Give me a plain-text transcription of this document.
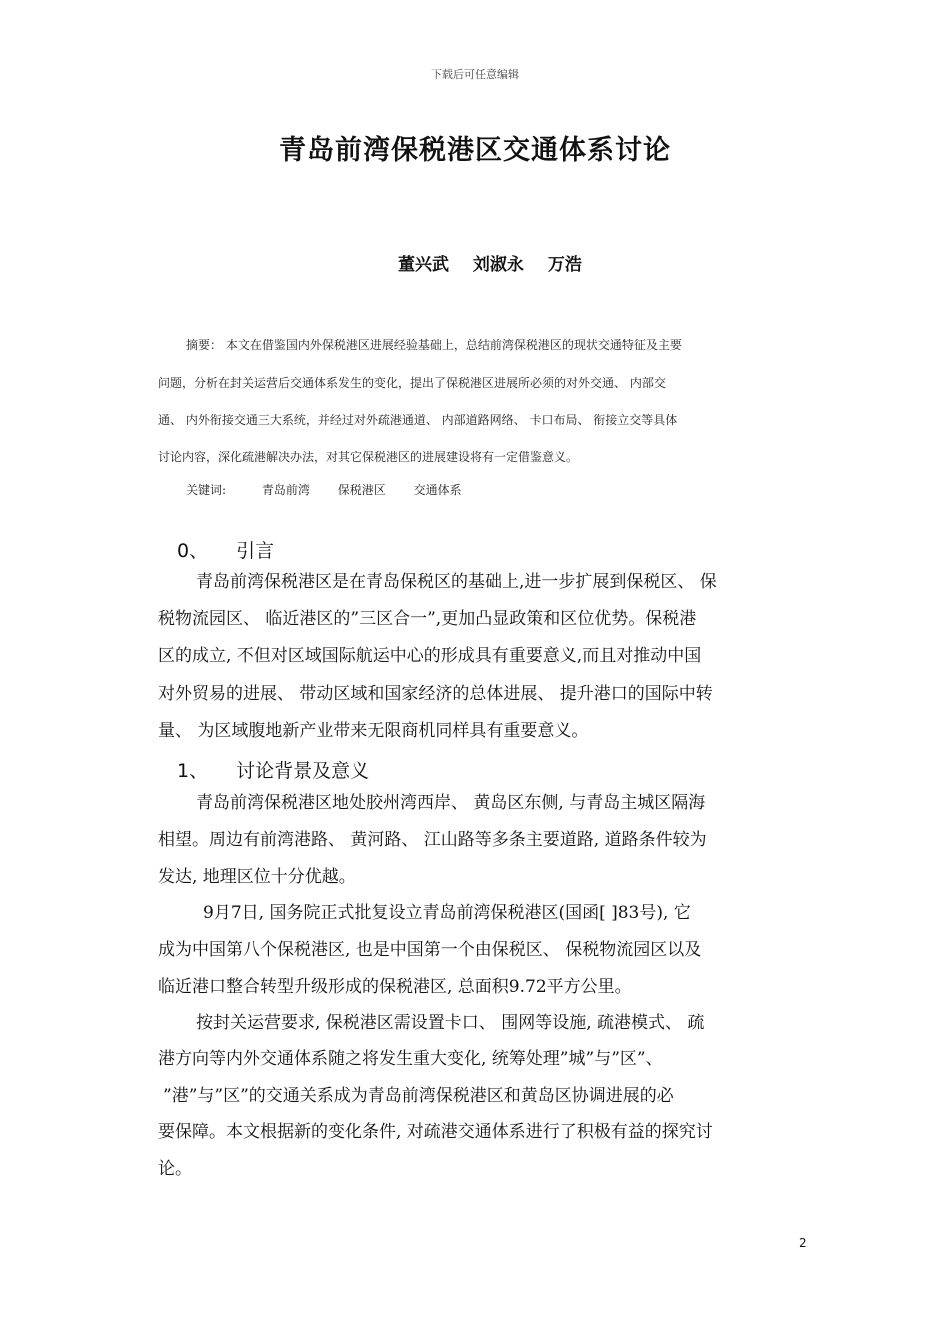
下载后可任意编辑
青岛前湾保税港区交通体系讨论
董兴武 刘淑永 万浩
摘要： 本文在借鉴国内外保税港区进展经验基础上，总结前湾保税港区的现状交通特征及主要
问题，分析在封关运营后交通体系发生的变化，提出了保税港区进展所必须的对外交通、 内部交
通、 内外衔接交通三大系统，并经过对外疏港通道、 内部道路网络、 卡口布局、 衔接立交等具体
讨论内容，深化疏港解决办法，对其它保税港区的进展建设将有一定借鉴意义。
关键词:	青岛前湾 保税港区 交通体系
0、 引言
青岛前湾保税港区是在青岛保税区的基础上,进一步扩展到保税区、 保
税物流园区、 临近港区的”三区合一”,更加凸显政策和区位优势。保税港
区的成立, 不但对区域国际航运中心的形成具有重要意义,而且对推动中国
对外贸易的进展、 带动区域和国家经济的总体进展、 提升港口的国际中转
量、 为区域腹地新产业带来无限商机同样具有重要意义。
1、 讨论背景及意义
青岛前湾保税港区地处胶州湾西岸、 黄岛区东侧, 与青岛主城区隔海
相望。周边有前湾港路、 黄河路、 江山路等多条主要道路, 道路条件较为
发达, 地理区位十分优越。
9月7日, 国务院正式批复设立青岛前湾保税港区(国函[ ]83号), 它
成为中国第八个保税港区, 也是中国第一个由保税区、 保税物流园区以及
临近港口整合转型升级形成的保税港区, 总面积9.72平方公里。
按封关运营要求, 保税港区需设置卡口、 围网等设施, 疏港模式、 疏
港方向等内外交通体系随之将发生重大变化, 统筹处理”城”与”区”、
”港”与”区”的交通关系成为青岛前湾保税港区和黄岛区协调进展的必
要保障。本文根据新的变化条件, 对疏港交通体系进行了积极有益的探究讨
论。
2
